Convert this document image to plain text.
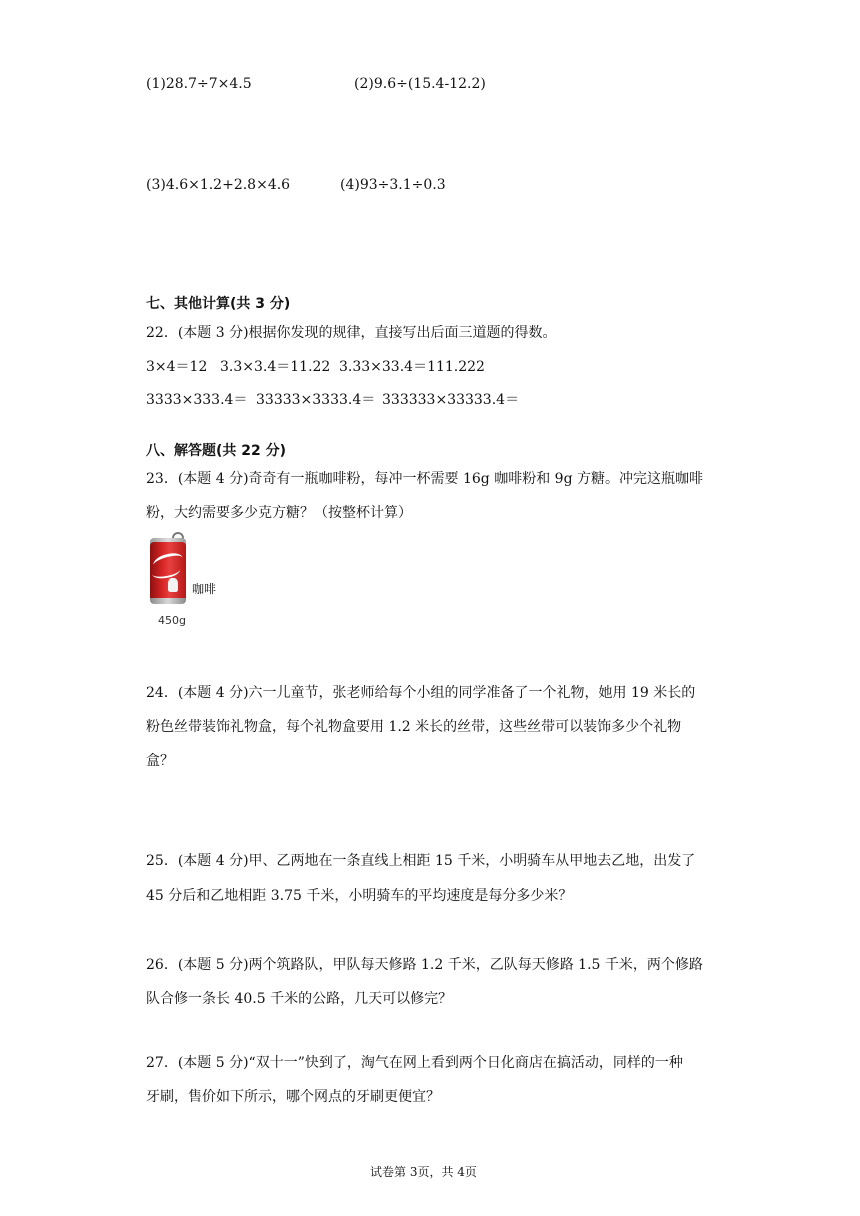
(1)28.7÷7×4.5	(2)9.6÷(15.4-12.2)
(3)4.6×1.2+2.8×4.6	(4)93÷3.1÷0.3
七、其他计算(共 3 分)
22．(本题 3 分)根据你发现的规律，直接写出后面三道题的得数。
3×4＝12 3.3×3.4＝11.22 3.33×33.4＝111.222
3333×333.4＝ 33333×3333.4＝ 333333×33333.4＝
八、解答题(共 22 分)
23．(本题 4 分)奇奇有一瓶咖啡粉，每冲一杯需要 16g 咖啡粉和 9g 方糖。冲完这瓶咖啡
粉，大约需要多少克方糖？（按整杯计算）
咖啡
450g
24．(本题 4 分)六一儿童节，张老师给每个小组的同学准备了一个礼物，她用 19 米长的
粉色丝带装饰礼物盒，每个礼物盒要用 1.2 米长的丝带，这些丝带可以装饰多少个礼物
盒？
25．(本题 4 分)甲、乙两地在一条直线上相距 15 千米，小明骑车从甲地去乙地，出发了
45 分后和乙地相距 3.75 千米，小明骑车的平均速度是每分多少米？
26．(本题 5 分)两个筑路队，甲队每天修路 1.2 千米，乙队每天修路 1.5 千米，两个修路
队合修一条长 40.5 千米的公路，几天可以修完？
27．(本题 5 分)“双十一”快到了，淘气在网上看到两个日化商店在搞活动，同样的一种
牙刷，售价如下所示，哪个网点的牙刷更便宜？
试卷第 3页，共 4页
